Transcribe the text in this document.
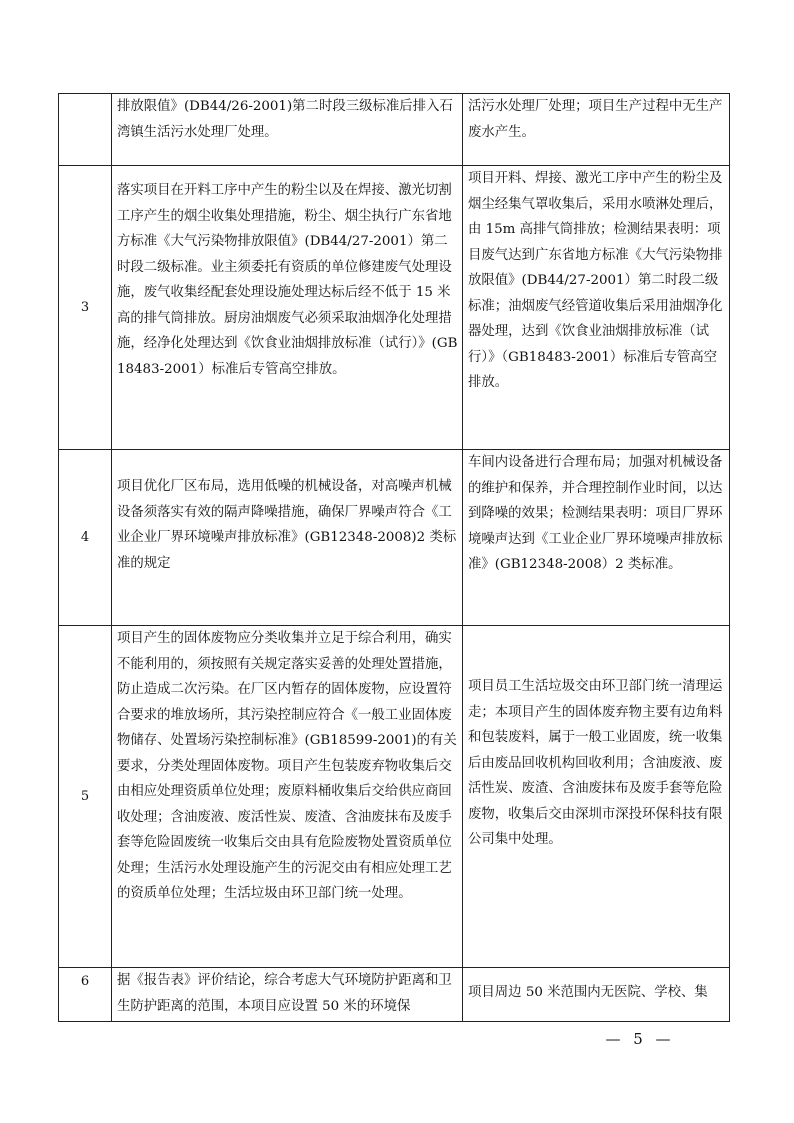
	排放限值》(DB44/26-2001)第二时段三级标准后排入石湾镇生活污水处理厂处理。	活污水处理厂处理；项目生产过程中无生产废水产生。

3	落实项目在开料工序中产生的粉尘以及在焊接、激光切割工序产生的烟尘收集处理措施，粉尘、烟尘执行广东省地方标准《大气污染物排放限值》(DB44/27-2001）第二时段二级标准。业主须委托有资质的单位修建废气处理设施，废气收集经配套处理设施处理达标后经不低于 15 米高的排气筒排放。厨房油烟废气必须采取油烟净化处理措施，经净化处理达到《饮食业油烟排放标准（试行）》(GB18483-2001）标准后专管高空排放。	项目开料、焊接、激光工序中产生的粉尘及烟尘经集气罩收集后，采用水喷淋处理后，由 15m 高排气筒排放；检测结果表明：项目废气达到广东省地方标准《大气污染物排放限值》(DB44/27-2001）第二时段二级标准；油烟废气经管道收集后采用油烟净化器处理，达到《饮食业油烟排放标准（试行）》（GB18483-2001）标准后专管高空排放。

4	项目优化厂区布局，选用低噪的机械设备，对高噪声机械设备须落实有效的隔声降噪措施，确保厂界噪声符合《工业企业厂界环境噪声排放标准》(GB12348-2008)2 类标准的规定	车间内设备进行合理布局；加强对机械设备的维护和保养，并合理控制作业时间，以达到降噪的效果；检测结果表明：项目厂界环境噪声达到《工业企业厂界环境噪声排放标准》(GB12348-2008）2 类标准。

5	项目产生的固体废物应分类收集并立足于综合利用，确实不能利用的，须按照有关规定落实妥善的处理处置措施，防止造成二次污染。在厂区内暂存的固体废物，应设置符合要求的堆放场所，其污染控制应符合《一般工业固体废物储存、处置场污染控制标准》(GB18599-2001)的有关要求，分类处理固体废物。项目产生包装废弃物收集后交由相应处理资质单位处理；废原料桶收集后交给供应商回收处理；含油废液、废活性炭、废渣、含油废抹布及废手套等危险固废统一收集后交由具有危险废物处置资质单位处理；生活污水处理设施产生的污泥交由有相应处理工艺的资质单位处理；生活垃圾由环卫部门统一处理。	项目员工生活垃圾交由环卫部门统一清理运走；本项目产生的固体废弃物主要有边角料和包装废料，属于一般工业固废，统一收集后由废品回收机构回收利用；含油废液、废活性炭、废渣、含油废抹布及废手套等危险废物，收集后交由深圳市深投环保科技有限公司集中处理。

6	据《报告表》评价结论，综合考虑大气环境防护距离和卫生防护距离的范围，本项目应设置 50 米的环境保	项目周边 50 米范围内无医院、学校、集
— 5 —
